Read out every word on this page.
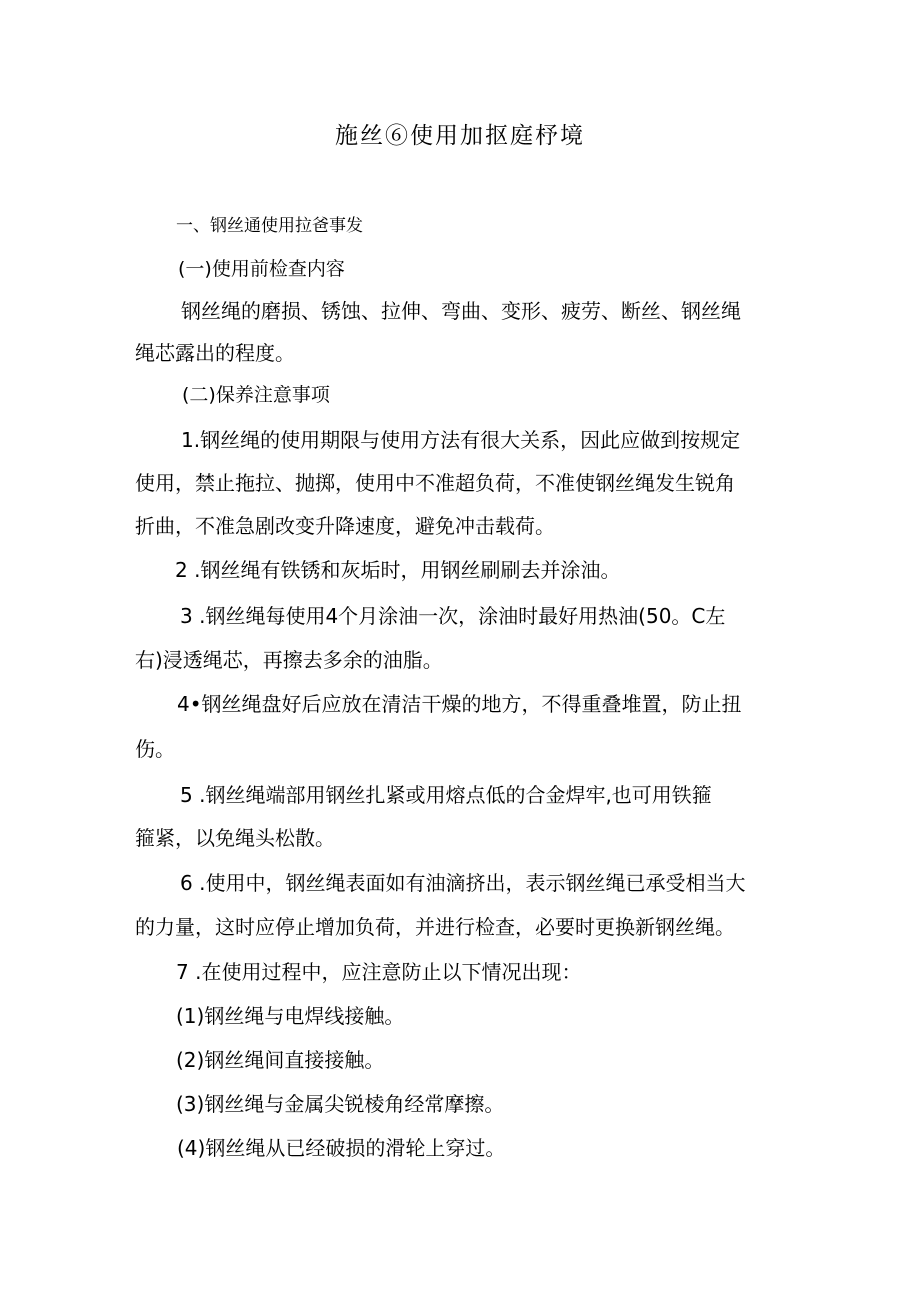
施丝⑥使用加抠庭杼境

一、钢丝通使用拉爸事发

(一)使用前检查内容

钢丝绳的磨损、锈蚀、拉伸、弯曲、变形、疲劳、断丝、钢丝绳

绳芯露出的程度。

(二)保养注意事项

1.钢丝绳的使用期限与使用方法有很大关系，因此应做到按规定

使用，禁止拖拉、抛掷，使用中不准超负荷，不准使钢丝绳发生锐角

折曲，不准急剧改变升降速度，避免冲击载荷。

2 .钢丝绳有铁锈和灰垢时，用钢丝刷刷去并涂油。

3 .钢丝绳每使用4个月涂油一次，涂油时最好用热油(50。C左

右)浸透绳芯，再擦去多余的油脂。

4•钢丝绳盘好后应放在清洁干燥的地方，不得重叠堆置，防止扭

伤。

5 .钢丝绳端部用钢丝扎紧或用熔点低的合金焊牢,也可用铁箍

箍紧，以免绳头松散。

6 .使用中，钢丝绳表面如有油滴挤出，表示钢丝绳已承受相当大

的力量，这时应停止增加负荷，并进行检查，必要时更换新钢丝绳。

7 .在使用过程中，应注意防止以下情况出现：

(1)钢丝绳与电焊线接触。

(2)钢丝绳间直接接触。

(3)钢丝绳与金属尖锐棱角经常摩擦。

(4)钢丝绳从已经破损的滑轮上穿过。
